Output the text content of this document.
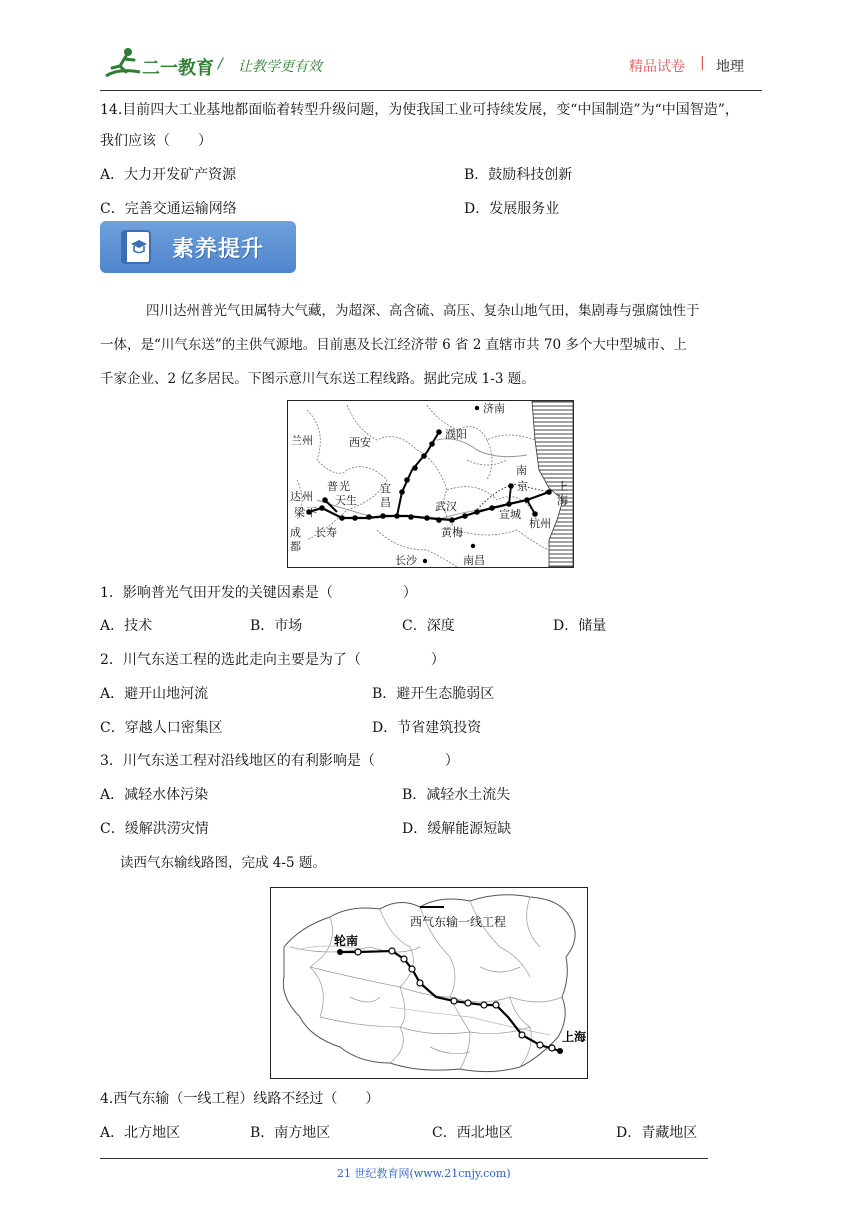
二一教育 / 让教学更有效	精品试卷 | 地理
14.目前四大工业基地都面临着转型升级问题，为使我国工业可持续发展，变“中国制造”为“中国智造”，
我们应该（　　）
A．大力开发矿产资源	B．鼓励科技创新
C．完善交通运输网络	D．发展服务业
素养提升
四川达州普光气田属特大气藏，为超深、高含硫、高压、复杂山地气田，集剧毒与强腐蚀性于
一体，是“川气东送”的主供气源地。目前惠及长江经济带 6 省 2 直辖市共 70 多个大中型城市、上
千家企业、2 亿多居民。下图示意川气东送工程线路。据此完成 1-3 题。
济南
兰州	西安
濮阳
普 光
天生
达 州
梁 平
成
都
宜
昌	武汉
南
京	上
海
宣城
杭州
长寿	黄梅
长沙	南昌
1．影响普光气田开发的关键因素是（　　　　　）
A．技术	B．市场	C．深度	D．储量
2．川气东送工程的选此走向主要是为了（　　　　　）
A．避开山地河流	B．避开生态脆弱区
C．穿越人口密集区	D．节省建筑投资
3．川气东送工程对沿线地区的有利影响是（　　　　　）
A．减轻水体污染	B．减轻水土流失
C．缓解洪涝灾情	D．缓解能源短缺
读西气东输线路图，完成 4-5 题。
西气东输一线工程
轮南
上海
4.西气东输（一线工程）线路不经过（　　）
A．北方地区	B．南方地区	C．西北地区	D．青藏地区
21 世纪教育网(www.21cnjy.com)
